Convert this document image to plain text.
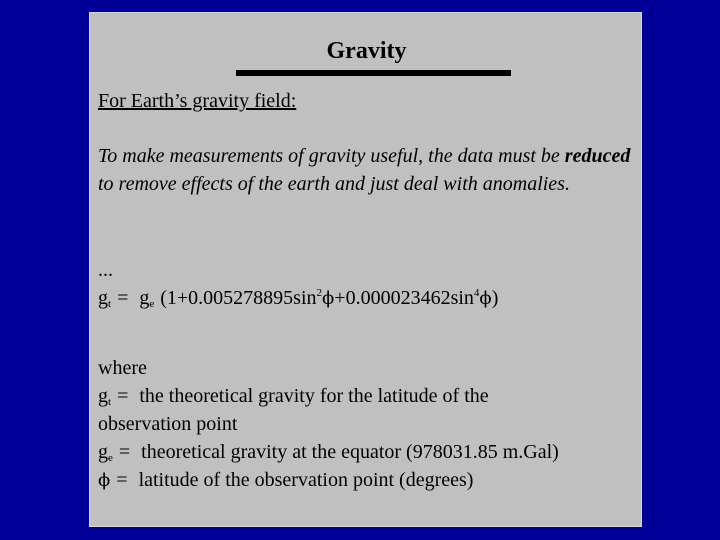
Gravity
For Earth’s gravity field:
To make measurements of gravity useful, the data must be reduced to remove effects of the earth and just deal with anomalies.
...
$g_t = g_e$ $(1+0.005278895\sin^2\phi+0.000023462\sin^4\phi)$
where
$g_t$ = the theoretical gravity for the latitude of the
observation point
$g_e$ = theoretical gravity at the equator (978031.85 m.Gal)
ϕ = latitude of the observation point (degrees)
